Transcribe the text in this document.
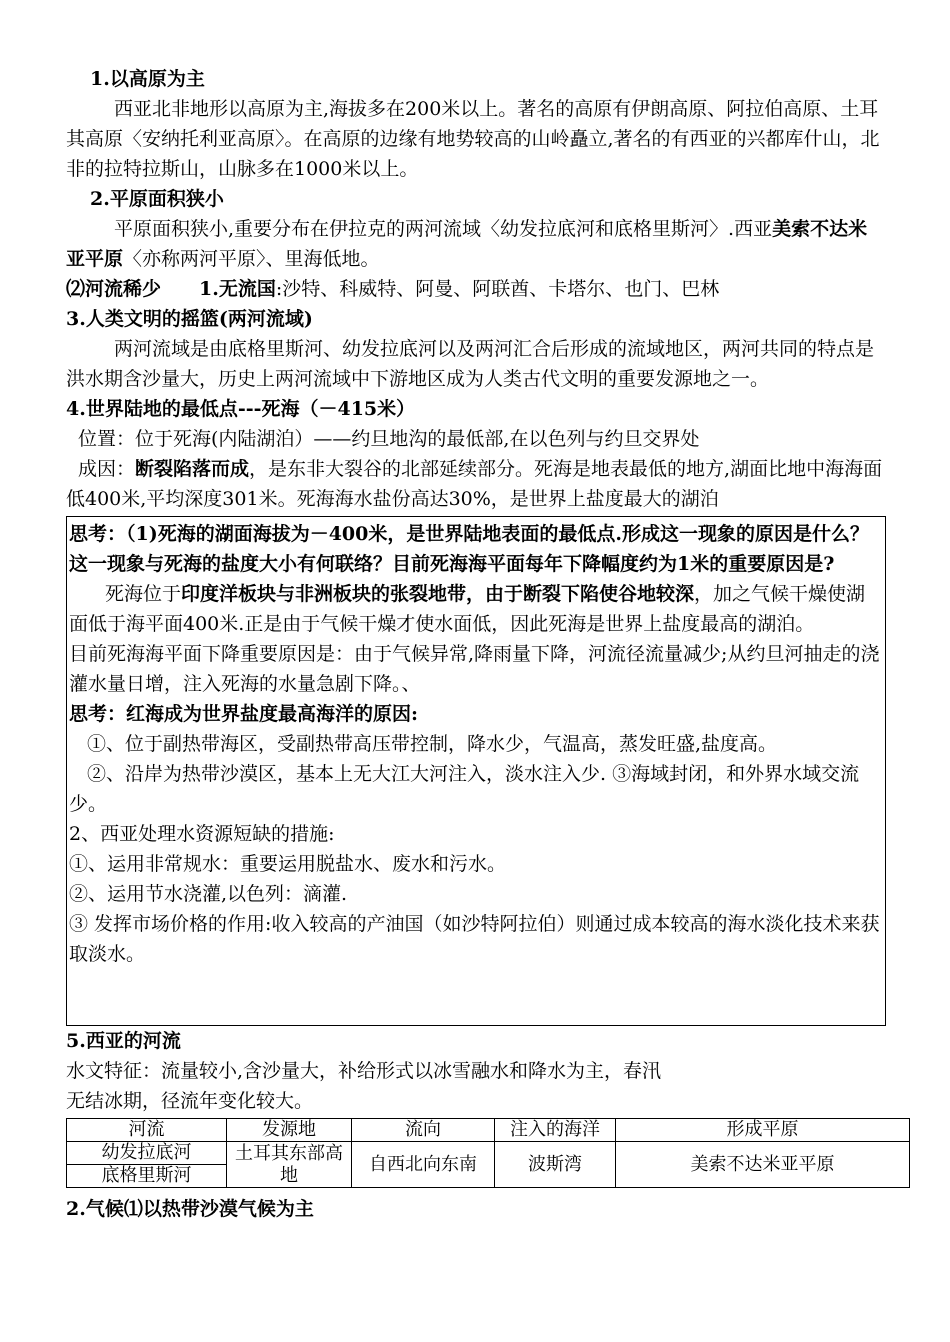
1.以高原为主

西亚北非地形以高原为主,海拔多在200米以上。著名的高原有伊朗高原、阿拉伯高原、土耳其高原〈安纳托利亚高原〉。在高原的边缘有地势较高的山岭矗立,著名的有西亚的兴都库什山，北非的拉特拉斯山，山脉多在1000米以上。

2.平原面积狭小

平原面积狭小,重要分布在伊拉克的两河流域〈幼发拉底河和底格里斯河〉.西亚美索不达米亚平原〈亦称两河平原〉、里海低地。

⑵河流稀少 1.无流国:沙特、科威特、阿曼、阿联酋、卡塔尔、也门、巴林

3.人类文明的摇篮(两河流域)

两河流域是由底格里斯河、幼发拉底河以及两河汇合后形成的流域地区，两河共同的特点是洪水期含沙量大，历史上两河流域中下游地区成为人类古代文明的重要发源地之一。

4.世界陆地的最低点---死海（－415米）

位置：位于死海(内陆湖泊）——约旦地沟的最低部,在以色列与约旦交界处

成因：断裂陷落而成，是东非大裂谷的北部延续部分。死海是地表最低的地方,湖面比地中海海面低400米,平均深度301米。死海海水盐份高达30%，是世界上盐度最大的湖泊

思考：（1)死海的湖面海拔为－400米，是世界陆地表面的最低点.形成这一现象的原因是什么？这一现象与死海的盐度大小有何联络？目前死海海平面每年下降幅度约为1米的重要原因是?

死海位于印度洋板块与非洲板块的张裂地带，由于断裂下陷使谷地较深，加之气候干燥使湖面低于海平面400米.正是由于气候干燥才使水面低，因此死海是世界上盐度最高的湖泊。

目前死海海平面下降重要原因是：由于气候异常,降雨量下降，河流径流量减少;从约旦河抽走的浇灌水量日增，注入死海的水量急剧下降。、

思考：红海成为世界盐度最高海洋的原因:

①、位于副热带海区，受副热带高压带控制，降水少，气温高，蒸发旺盛,盐度高。

②、沿岸为热带沙漠区，基本上无大江大河注入，淡水注入少. ③海域封闭，和外界水域交流少。

2、西亚处理水资源短缺的措施:

①、运用非常规水：重要运用脱盐水、废水和污水。

②、运用节水浇灌,以色列：滴灌.

③ 发挥市场价格的作用:收入较高的产油国（如沙特阿拉伯）则通过成本较高的海水淡化技术来获取淡水。

5.西亚的河流

水文特征：流量较小,含沙量大，补给形式以冰雪融水和降水为主，春汛

无结冰期，径流年变化较大。

河流	发源地	流向	注入的海洋	形成平原
幼发拉底河	土耳其东部高地	自西北向东南	波斯湾	美索不达米亚平原
底格里斯河				

2.气候⑴以热带沙漠气候为主
